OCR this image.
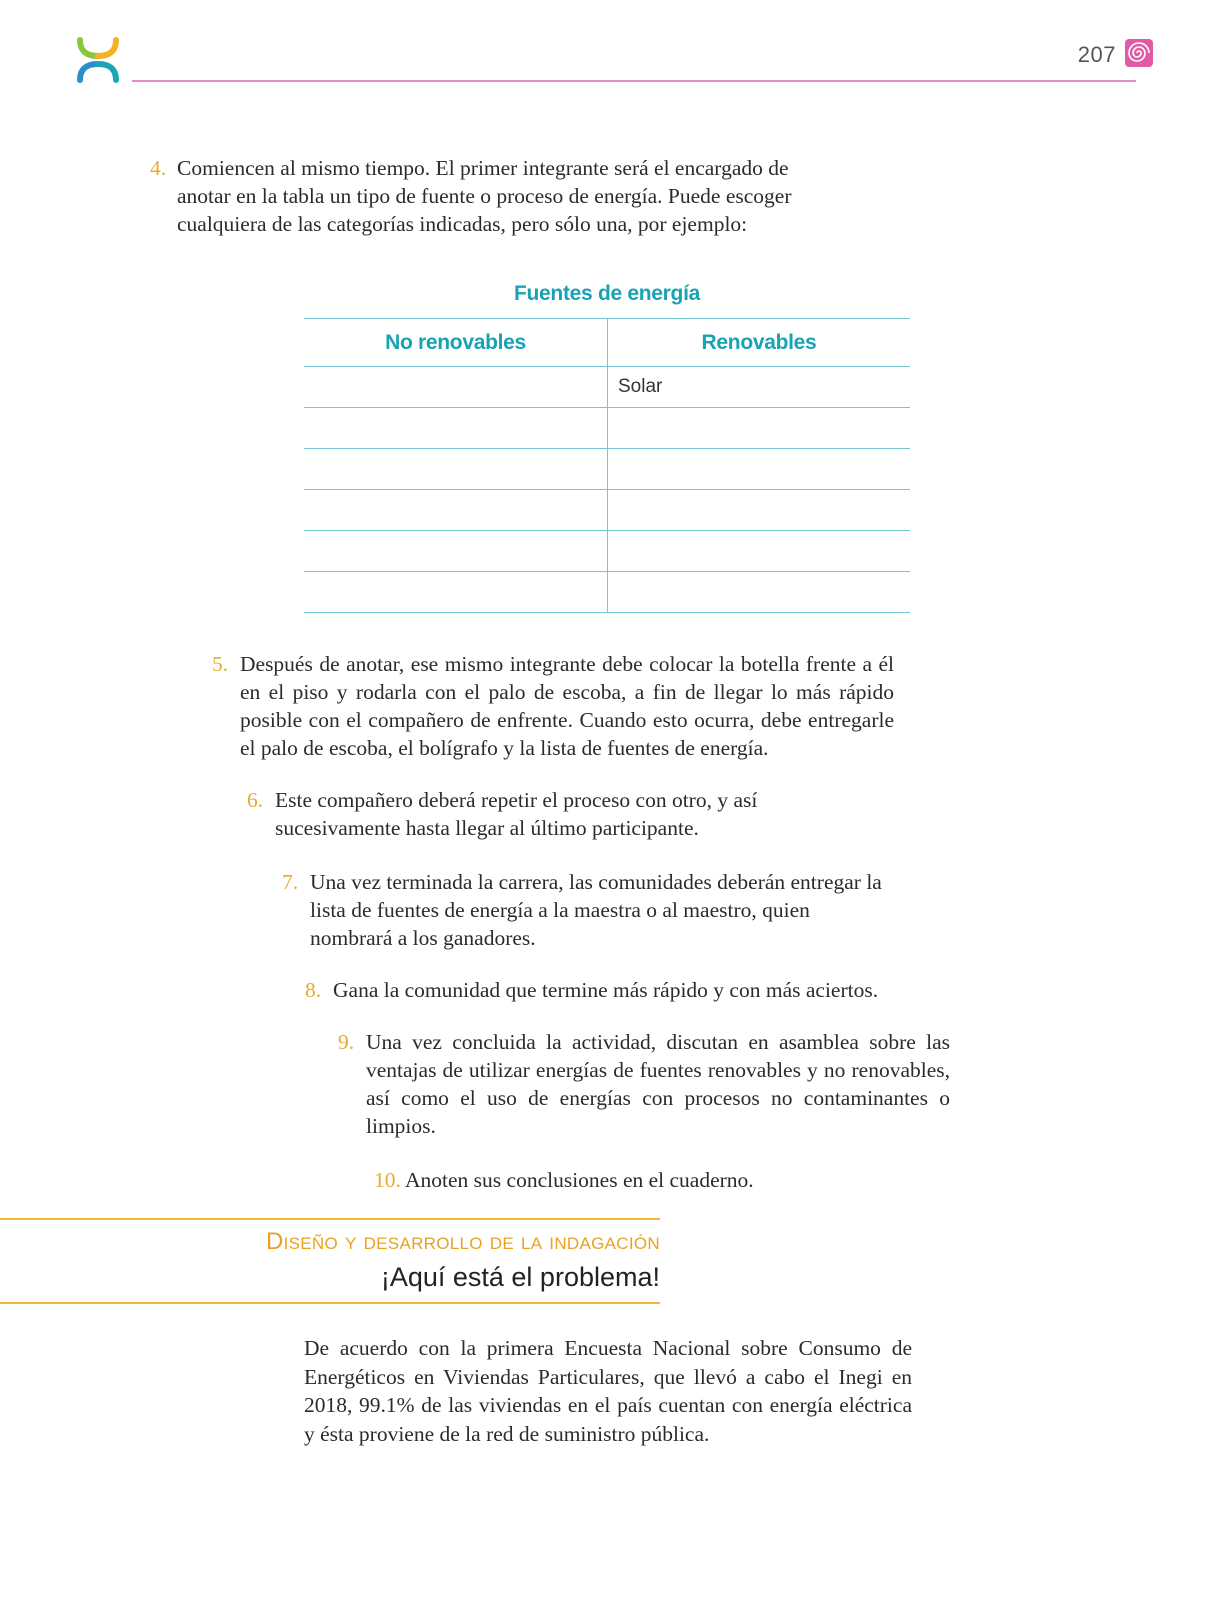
207
4. Comiencen al mismo tiempo. El primer integrante será el encargado de anotar en la tabla un tipo de fuente o proceso de energía. Puede escoger cualquiera de las categorías indicadas, pero sólo una, por ejemplo:
Fuentes de energía
No renovables	Renovables
	Solar

5. Después de anotar, ese mismo integrante debe colocar la botella frente a él en el piso y rodarla con el palo de escoba, a fin de llegar lo más rápido posible con el compañero de enfrente. Cuando esto ocurra, debe entregarle el palo de escoba, el bolígrafo y la lista de fuentes de energía.
6. Este compañero deberá repetir el proceso con otro, y así sucesivamente hasta llegar al último participante.
7. Una vez terminada la carrera, las comunidades deberán entregar la lista de fuentes de energía a la maestra o al maestro, quien nombrará a los ganadores.
8. Gana la comunidad que termine más rápido y con más aciertos.
9. Una vez concluida la actividad, discutan en asamblea sobre las ventajas de utilizar energías de fuentes renovables y no renovables, así como el uso de energías con procesos no contaminantes o limpios.
10. Anoten sus conclusiones en el cuaderno.
Diseño y desarrollo de la indagación
¡Aquí está el problema!
De acuerdo con la primera Encuesta Nacional sobre Consumo de Energéticos en Viviendas Particulares, que llevó a cabo el Inegi en 2018, 99.1% de las viviendas en el país cuentan con energía eléctrica y ésta proviene de la red de suministro pública.
